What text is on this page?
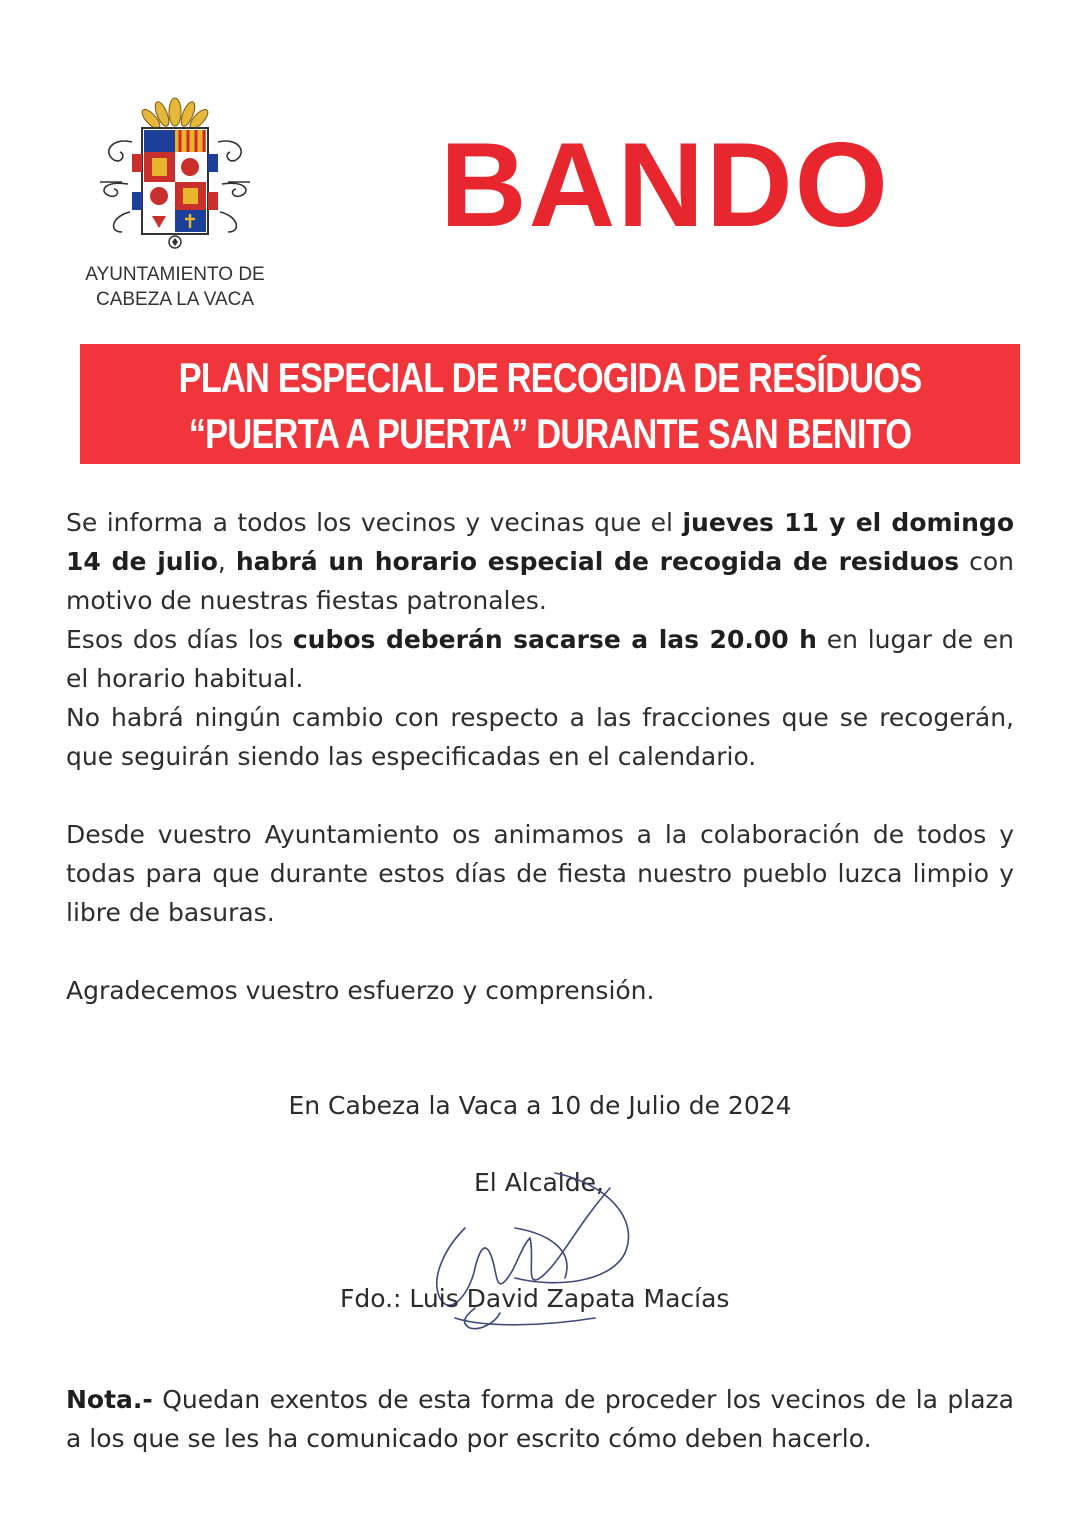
AYUNTAMIENTO DE
CABEZA LA VACA
BANDO
PLAN ESPECIAL DE RECOGIDA DE RESÍDUOS
“PUERTA A PUERTA” DURANTE SAN BENITO

Se informa a todos los vecinos y vecinas que el jueves 11 y el domingo 14 de julio, habrá un horario especial de recogida de residuos con motivo de nuestras fiestas patronales.

Esos dos días los cubos deberán sacarse a las 20.00 h en lugar de en el horario habitual.

No habrá ningún cambio con respecto a las fracciones que se recogerán, que seguirán siendo las especificadas en el calendario.

Desde vuestro Ayuntamiento os animamos a la colaboración de todos y todas para que durante estos días de fiesta nuestro pueblo luzca limpio y libre de basuras.

Agradecemos vuestro esfuerzo y comprensión.

En Cabeza la Vaca a 10 de Julio de 2024
El Alcalde,
Fdo.: Luis David Zapata Macías
Nota.- Quedan exentos de esta forma de proceder los vecinos de la plaza a los que se les ha comunicado por escrito cómo deben hacerlo.
